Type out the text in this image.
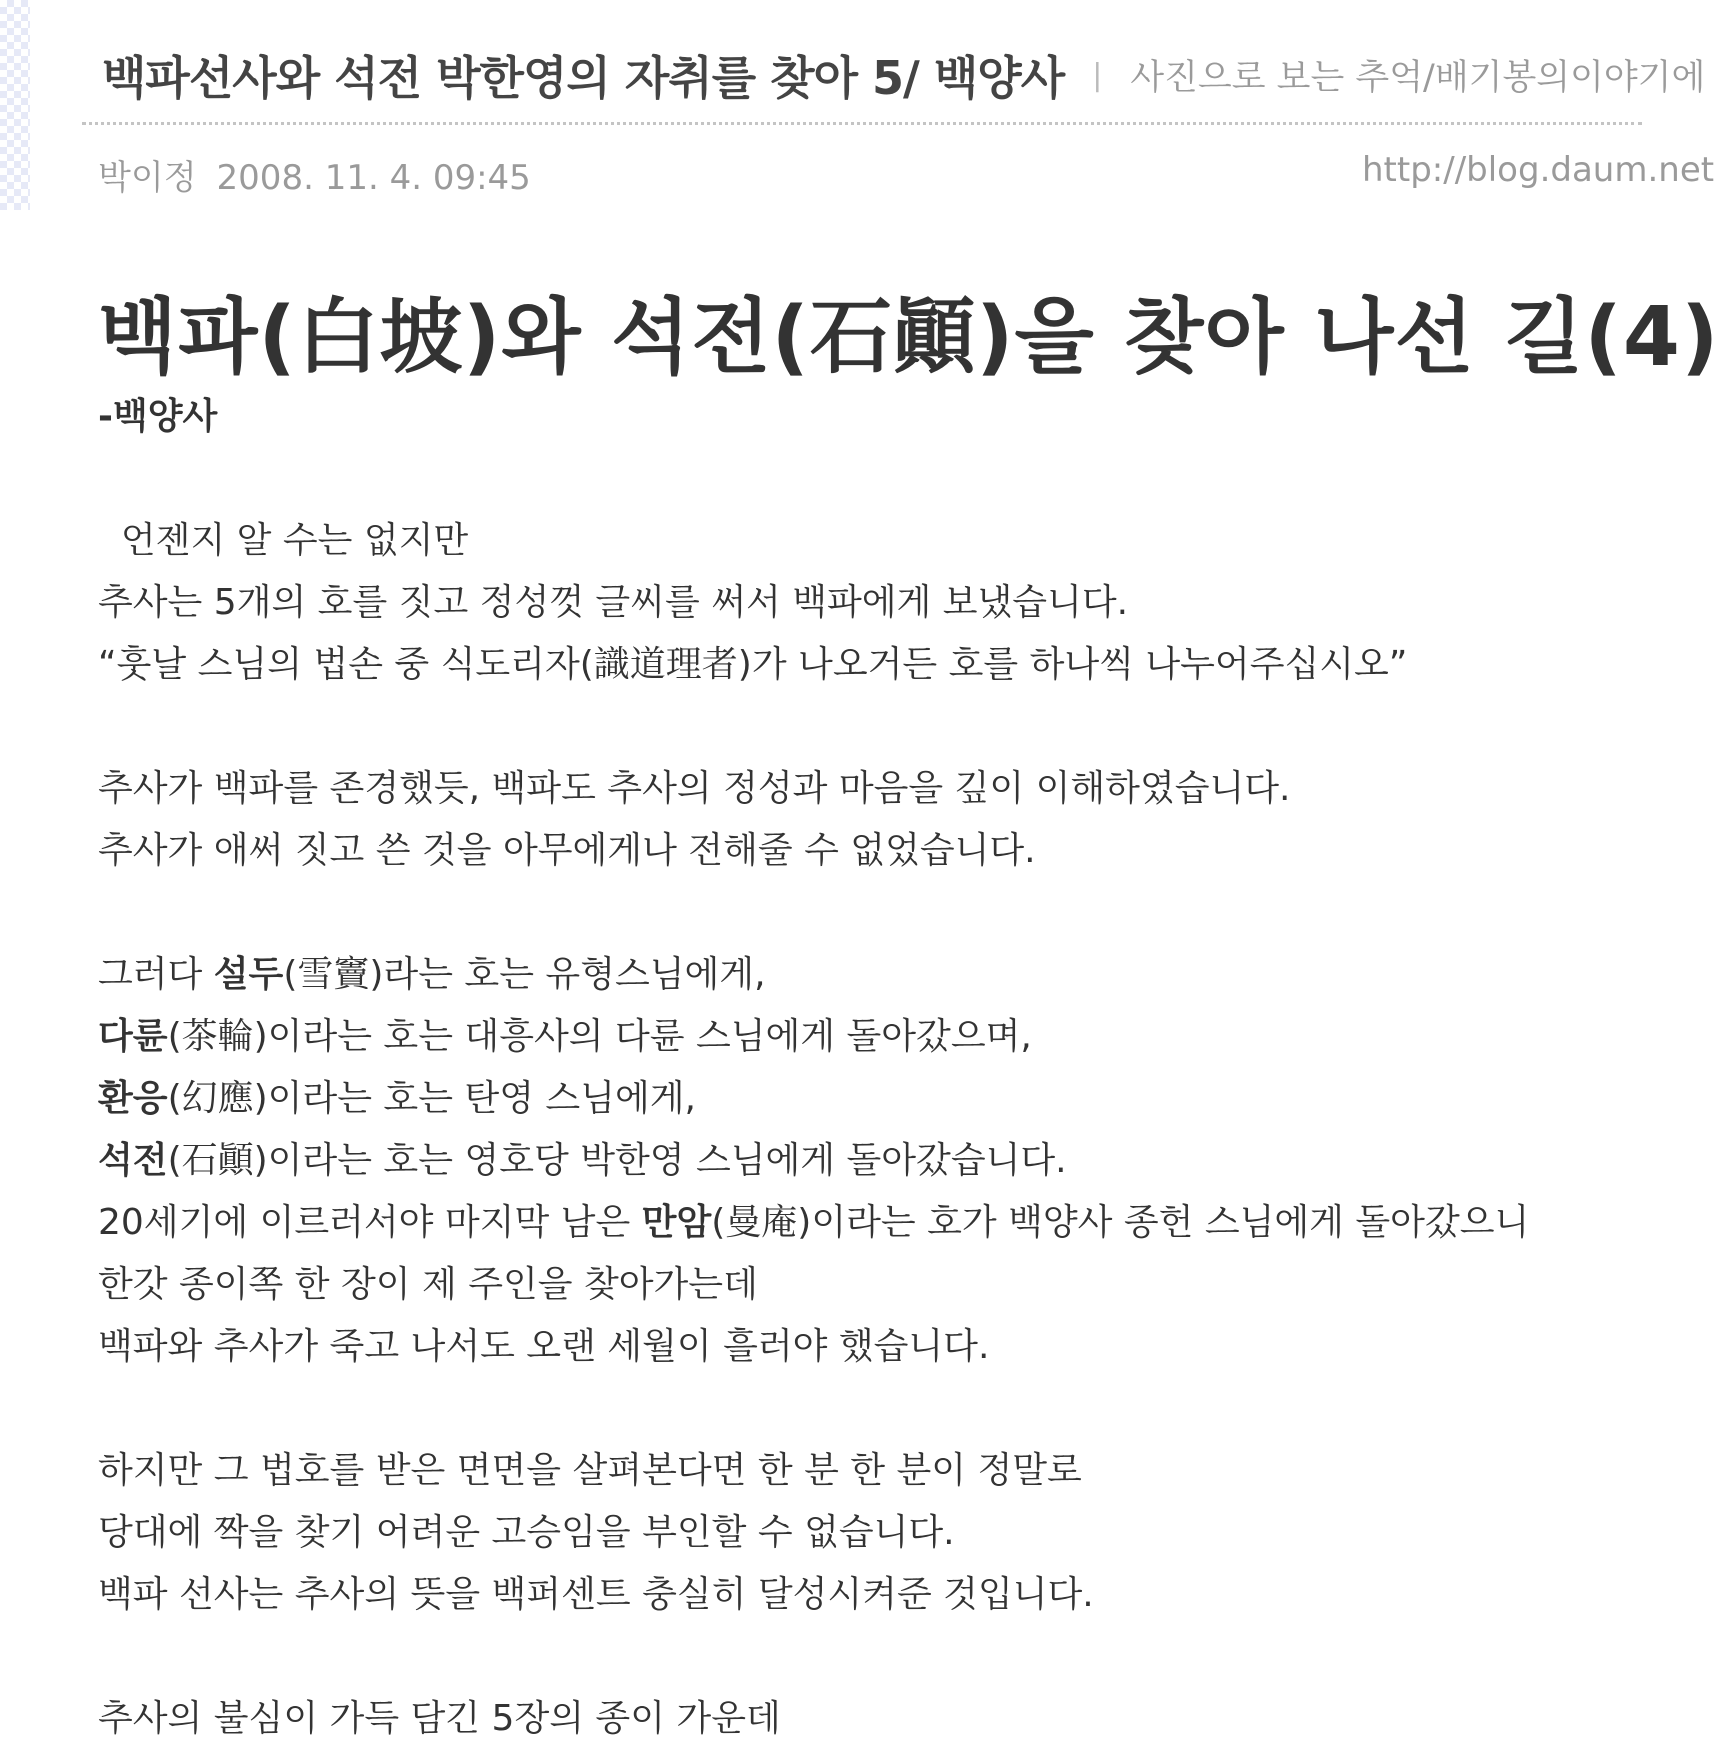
백파선사와 석전 박한영의 자취를 찾아 5/ 백양사 | 사진으로 보는 추억/배기봉의이야기에
박이정 2008. 11. 4. 09:45	http://blog.daum.net
백파(白坡)와 석전(石顚)을 찾아 나선 길(4)
-백양사
언젠지 알 수는 없지만
추사는 5개의 호를 짓고 정성껏 글씨를 써서 백파에게 보냈습니다.
“훗날 스님의 법손 중 식도리자(識道理者)가 나오거든 호를 하나씩 나누어주십시오”
추사가 백파를 존경했듯, 백파도 추사의 정성과 마음을 깊이 이해하였습니다.
추사가 애써 짓고 쓴 것을 아무에게나 전해줄 수 없었습니다.
그러다 설두(雪竇)라는 호는 유형스님에게,
다륜(茶輪)이라는 호는 대흥사의 다륜 스님에게 돌아갔으며,
환응(幻應)이라는 호는 탄영 스님에게,
석전(石顚)이라는 호는 영호당 박한영 스님에게 돌아갔습니다.
20세기에 이르러서야 마지막 남은 만암(曼庵)이라는 호가 백양사 종헌 스님에게 돌아갔으니
한갓 종이쪽 한 장이 제 주인을 찾아가는데
백파와 추사가 죽고 나서도 오랜 세월이 흘러야 했습니다.
하지만 그 법호를 받은 면면을 살펴본다면 한 분 한 분이 정말로
당대에 짝을 찾기 어려운 고승임을 부인할 수 없습니다.
백파 선사는 추사의 뜻을 백퍼센트 충실히 달성시켜준 것입니다.
추사의 불심이 가득 담긴 5장의 종이 가운데
